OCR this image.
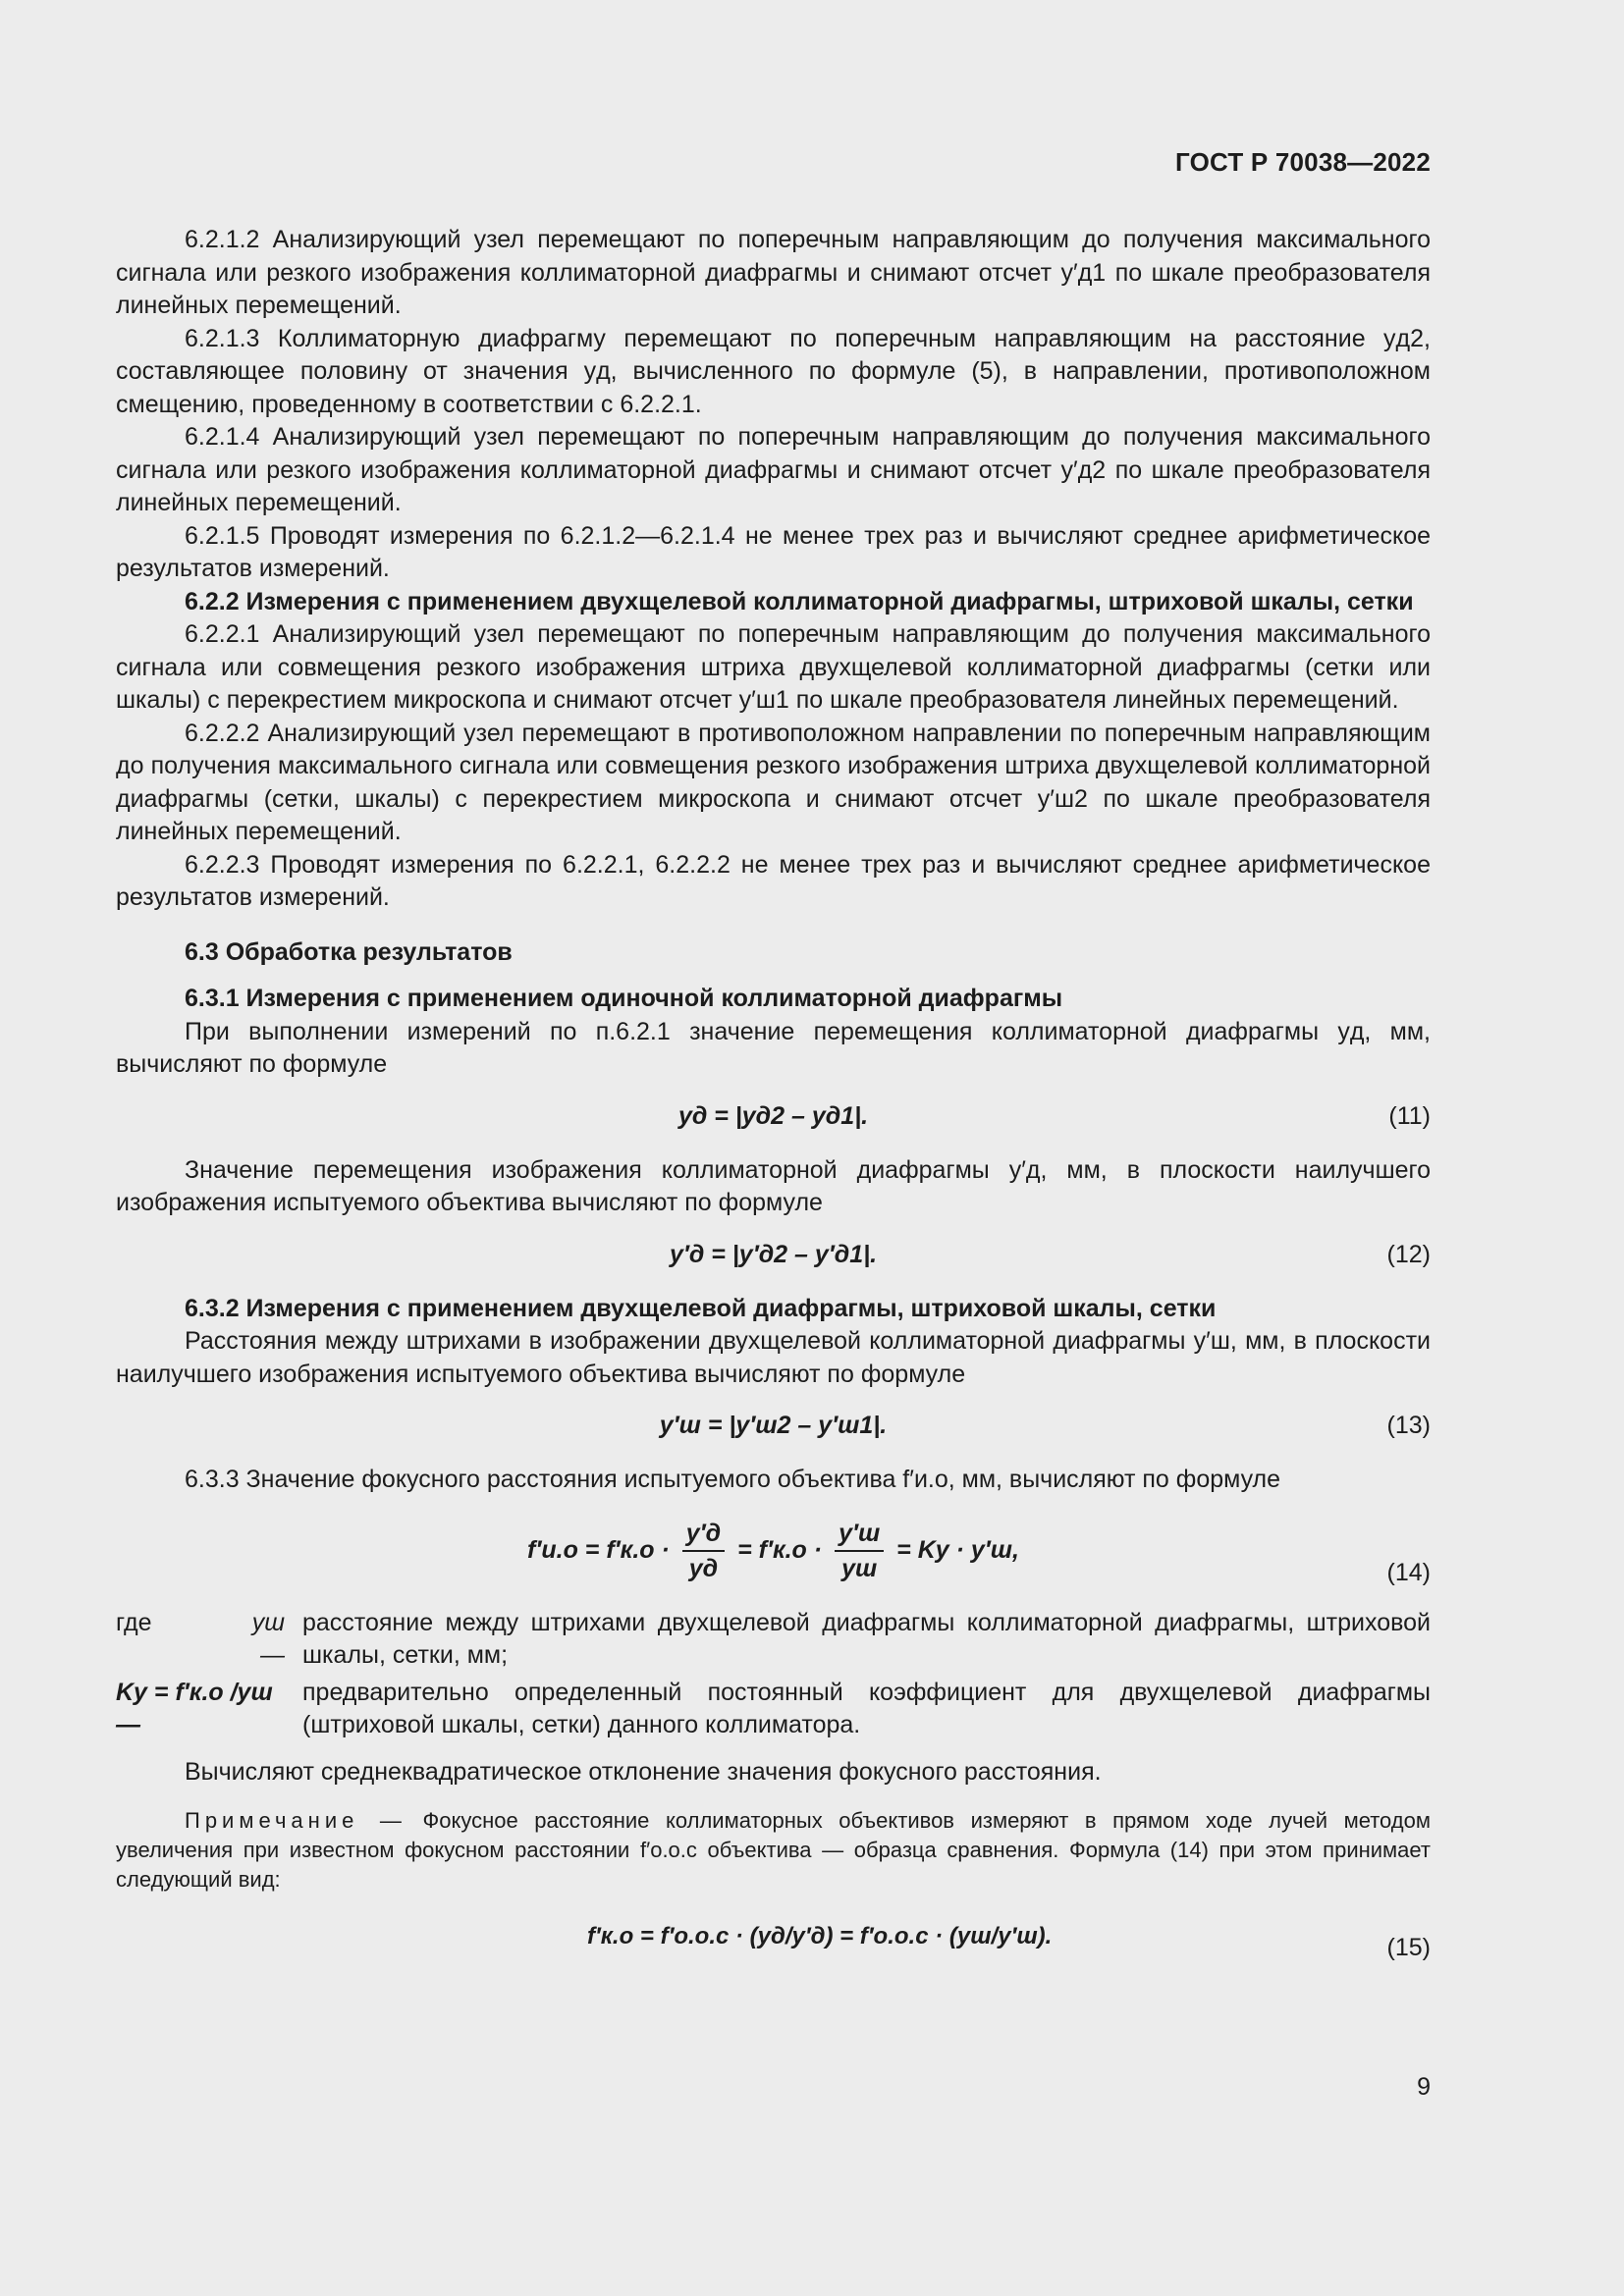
ГОСТ Р 70038—2022

6.2.1.2 Анализирующий узел перемещают по поперечным направляющим до получения максимального сигнала или резкого изображения коллиматорной диафрагмы и снимают отсчет y′д1 по шкале преобразователя линейных перемещений.

6.2.1.3 Коллиматорную диафрагму перемещают по поперечным направляющим на расстояние yд2, составляющее половину от значения yд, вычисленного по формуле (5), в направлении, противоположном смещению, проведенному в соответствии с 6.2.2.1.

6.2.1.4 Анализирующий узел перемещают по поперечным направляющим до получения максимального сигнала или резкого изображения коллиматорной диафрагмы и снимают отсчет y′д2 по шкале преобразователя линейных перемещений.

6.2.1.5 Проводят измерения по 6.2.1.2—6.2.1.4 не менее трех раз и вычисляют среднее арифметическое результатов измерений.

6.2.2 Измерения с применением двухщелевой коллиматорной диафрагмы, штриховой шкалы, сетки

6.2.2.1 Анализирующий узел перемещают по поперечным направляющим до получения максимального сигнала или совмещения резкого изображения штриха двухщелевой коллиматорной диафрагмы (сетки или шкалы) с перекрестием микроскопа и снимают отсчет y′ш1 по шкале преобразователя линейных перемещений.

6.2.2.2 Анализирующий узел перемещают в противоположном направлении по поперечным направляющим до получения максимального сигнала или совмещения резкого изображения штриха двухщелевой коллиматорной диафрагмы (сетки, шкалы) с перекрестием микроскопа и снимают отсчет y′ш2 по шкале преобразователя линейных перемещений.

6.2.2.3 Проводят измерения по 6.2.2.1, 6.2.2.2 не менее трех раз и вычисляют среднее арифметическое результатов измерений.

6.3 Обработка результатов

6.3.1 Измерения с применением одиночной коллиматорной диафрагмы

При выполнении измерений по п.6.2.1 значение перемещения коллиматорной диафрагмы yд, мм, вычисляют по формуле

yд = |yд2 – yд1|.	(11)

Значение перемещения изображения коллиматорной диафрагмы y′д, мм, в плоскости наилучшего изображения испытуемого объектива вычисляют по формуле

y′д = |y′д2 – y′д1|.	(12)

6.3.2 Измерения с применением двухщелевой диафрагмы, штриховой шкалы, сетки

Расстояния между штрихами в изображении двухщелевой коллиматорной диафрагмы y′ш, мм, в плоскости наилучшего изображения испытуемого объектива вычисляют по формуле

y′ш = |y′ш2 – y′ш1|.	(13)

6.3.3 Значение фокусного расстояния испытуемого объектива f′и.о, мм, вычисляют по формуле

$f'и.о = f'к.о \cdot \frac{y'д}{yд} = f'к.о \cdot \frac{y'ш}{yш}$ = Kу · y′ш,
(14)
где	yш —
расстояние между штрихами двухщелевой диафрагмы коллиматорной диафрагмы, штриховой шкалы, сетки, мм;
Kу = f′к.о /yш —
предварительно определенный постоянный коэффициент для двухщелевой диафрагмы (штриховой шкалы, сетки) данного коллиматора.

Вычисляют среднеквадратическое отклонение значения фокусного расстояния.

Примечание — Фокусное расстояние коллиматорных объективов измеряют в прямом ходе лучей методом увеличения при известном фокусном расстоянии f′о.о.с объектива — образца сравнения. Формула (14) при этом принимает следующий вид:

f′к.о = f′о.о.с · (yд/y′д) = f′о.о.с · (yш/y′ш).	(15)
9
